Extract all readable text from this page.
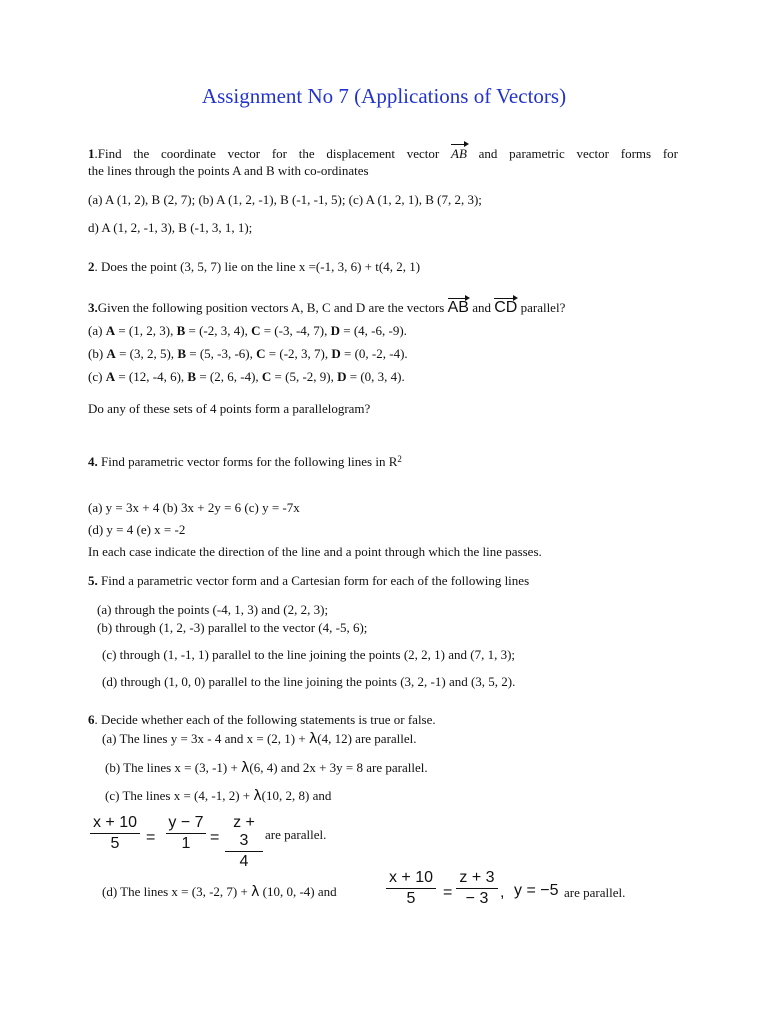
Assignment No 7 (Applications of Vectors)
1.Find the coordinate vector for the displacement vector AB and parametric vector forms for
the lines through the points A and B with co-ordinates
(a) A (1, 2), B (2, 7); (b) A (1, 2, -1), B (-1, -1, 5); (c) A (1, 2, 1), B (7, 2, 3);
d) A (1, 2, -1, 3), B (-1, 3, 1, 1);
2. Does the point (3, 5, 7) lie on the line x =(-1, 3, 6) + t(4, 2, 1)
3.Given the following position vectors A, B, C and D are the vectors AB and CD parallel?
(a) A = (1, 2, 3), B = (-2, 3, 4), C = (-3, -4, 7), D = (4, -6, -9).
(b) A = (3, 2, 5), B = (5, -3, -6), C = (-2, 3, 7), D = (0, -2, -4).
(c) A = (12, -4, 6), B = (2, 6, -4), C = (5, -2, 9), D = (0, 3, 4).
Do any of these sets of 4 points form a parallelogram?
4. Find parametric vector forms for the following lines in $R^2$
(a) y = 3x + 4 (b) 3x + 2y = 6 (c) y = -7x
(d) y = 4 (e) x = -2
In each case indicate the direction of the line and a point through which the line passes.
5. Find a parametric vector form and a Cartesian form for each of the following lines
(a) through the points (-4, 1, 3) and (2, 2, 3);
(b) through (1, 2, -3) parallel to the vector (4, -5, 6);
(c) through (1, -1, 1) parallel to the line joining the points (2, 2, 1) and (7, 1, 3);
(d) through (1, 0, 0) parallel to the line joining the points (3, 2, -1) and (3, 5, 2).
6. Decide whether each of the following statements is true or false.
(a) The lines y = 3x - 4 and x = (2, 1) + λ(4, 12) are parallel.
(b) The lines x = (3, -1) + λ(6, 4) and 2x + 3y = 8 are parallel.
(c) The lines x = (4, -1, 2) + λ(10, 2, 8) and
x + 10
5	=
y − 7
1	=
z + 3
4
are parallel.
(d) The lines x = (3, -2, 7) + λ (10, 0, -4) and
x + 10
5	=
z + 3
− 3 , y = −5 are parallel.
